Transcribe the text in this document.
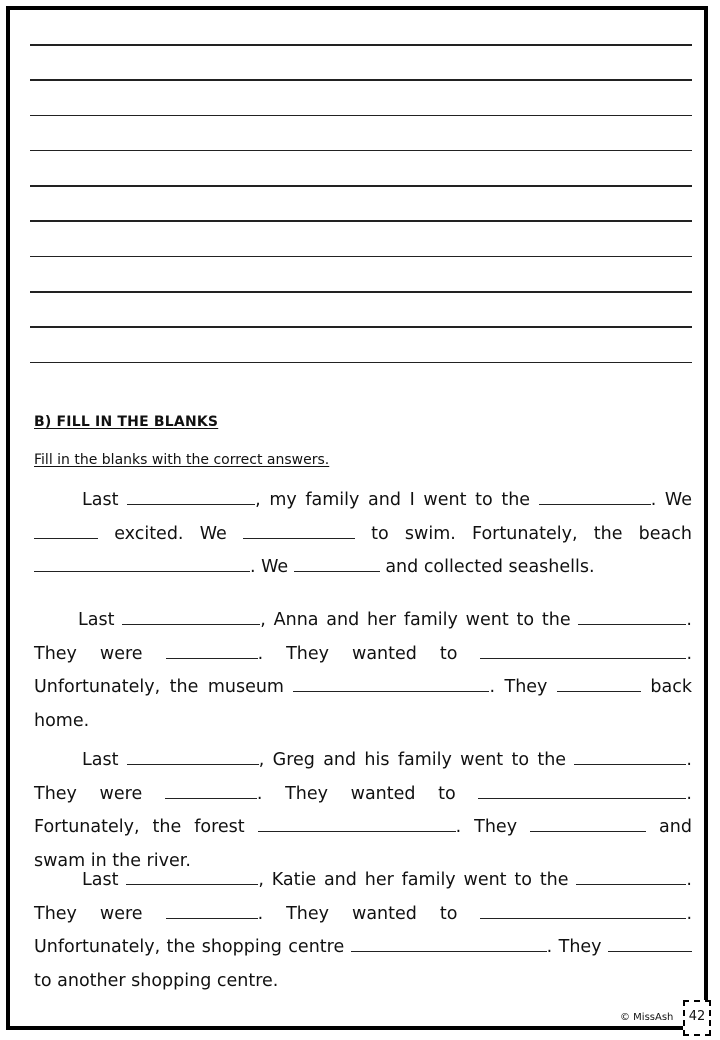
B) FILL IN THE BLANKS
Fill in the blanks with the correct answers.
Last	, my family and I went to the	. We  excited. We	to swim. Fortunately, the beach . We	and collected seashells.
Last	, Anna and her family went to the	. They were	. They wanted to	. Unfortunately, the museum	. They	back home.
Last	, Greg and his family went to the	. They were	. They wanted to	. Fortunately, the forest	. They	and swam in the river.
Last	, Katie and her family went to the	. They were	. They wanted to	. Unfortunately, the shopping centre	. They  to another shopping centre.
© MissAsh	42
